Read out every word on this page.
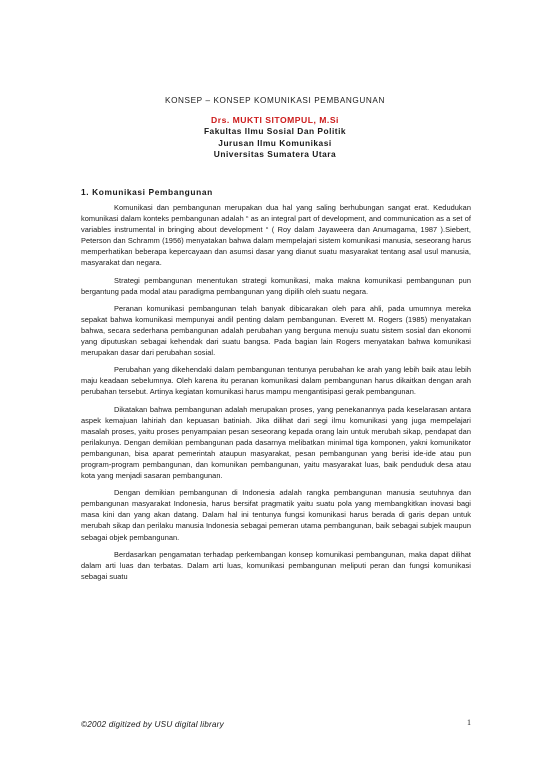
KONSEP – KONSEP KOMUNIKASI PEMBANGUNAN
Drs. MUKTI SITOMPUL, M.Si
Fakultas Ilmu Sosial Dan Politik
Jurusan Ilmu Komunikasi
Universitas Sumatera Utara
1. Komunikasi Pembangunan

Komunikasi dan pembangunan merupakan dua hal yang saling berhubungan sangat erat. Kedudukan komunikasi dalam konteks pembangunan adalah “ as an integral part of development, and communication as a set of variables instrumental in bringing about development “ ( Roy dalam Jayaweera dan Anumagama, 1987 ).Siebert, Peterson dan Schramm (1956) menyatakan bahwa dalam mempelajari sistem komunikasi manusia, seseorang harus memperhatikan beberapa kepercayaan dan asumsi dasar yang dianut suatu masyarakat tentang asal usul manusia, masyarakat dan negara.

Strategi pembangunan menentukan strategi komunikasi, maka makna komunikasi pembangunan pun bergantung pada modal atau paradigma pembangunan yang dipilih oleh suatu negara.

Peranan komunikasi pembangunan telah banyak dibicarakan oleh para ahli, pada umumnya mereka sepakat bahwa komunikasi mempunyai andil penting dalam pembangunan. Everett M. Rogers (1985) menyatakan bahwa, secara sederhana pembangunan adalah perubahan yang berguna menuju suatu sistem sosial dan ekonomi yang diputuskan sebagai kehendak dari suatu bangsa. Pada bagian lain Rogers menyatakan bahwa komunikasi merupakan dasar dari perubahan sosial.

Perubahan yang dikehendaki dalam pembangunan tentunya perubahan ke arah yang lebih baik atau lebih maju keadaan sebelumnya. Oleh karena itu peranan komunikasi dalam pembangunan harus dikaitkan dengan arah perubahan tersebut. Artinya kegiatan komunikasi harus mampu mengantisipasi gerak pembangunan.

Dikatakan bahwa pembangunan adalah merupakan proses, yang penekanannya pada keselarasan antara aspek kemajuan lahiriah dan kepuasan batiniah. Jika dilihat dari segi ilmu komunikasi yang juga mempelajari masalah proses, yaitu proses penyampaian pesan seseorang kepada orang lain untuk merubah sikap, pendapat dan perilakunya. Dengan demikian pembangunan pada dasarnya melibatkan minimal tiga komponen, yakni komunikator pembangunan, bisa aparat pemerintah ataupun masyarakat, pesan pembangunan yang berisi ide-ide atau pun program-program pembangunan, dan komunikan pembangunan, yaitu masyarakat luas, baik penduduk desa atau kota yang menjadi sasaran pembangunan.

Dengan demikian pembangunan di Indonesia adalah rangka pembangunan manusia seutuhnya dan pembangunan masyarakat Indonesia, harus bersifat pragmatik yaitu suatu pola yang membangkitkan inovasi bagi masa kini dan yang akan datang. Dalam hal ini tentunya fungsi komunikasi harus berada di garis depan untuk merubah sikap dan perilaku manusia Indonesia sebagai pemeran utama pembangunan, baik sebagai subjek maupun sebagai objek pembangunan.

Berdasarkan pengamatan terhadap perkembangan konsep komunikasi pembangunan, maka dapat dilihat dalam arti luas dan terbatas. Dalam arti luas, komunikasi pembangunan meliputi peran dan fungsi komunikasi sebagai suatu

©2002 digitized by USU digital library	1
